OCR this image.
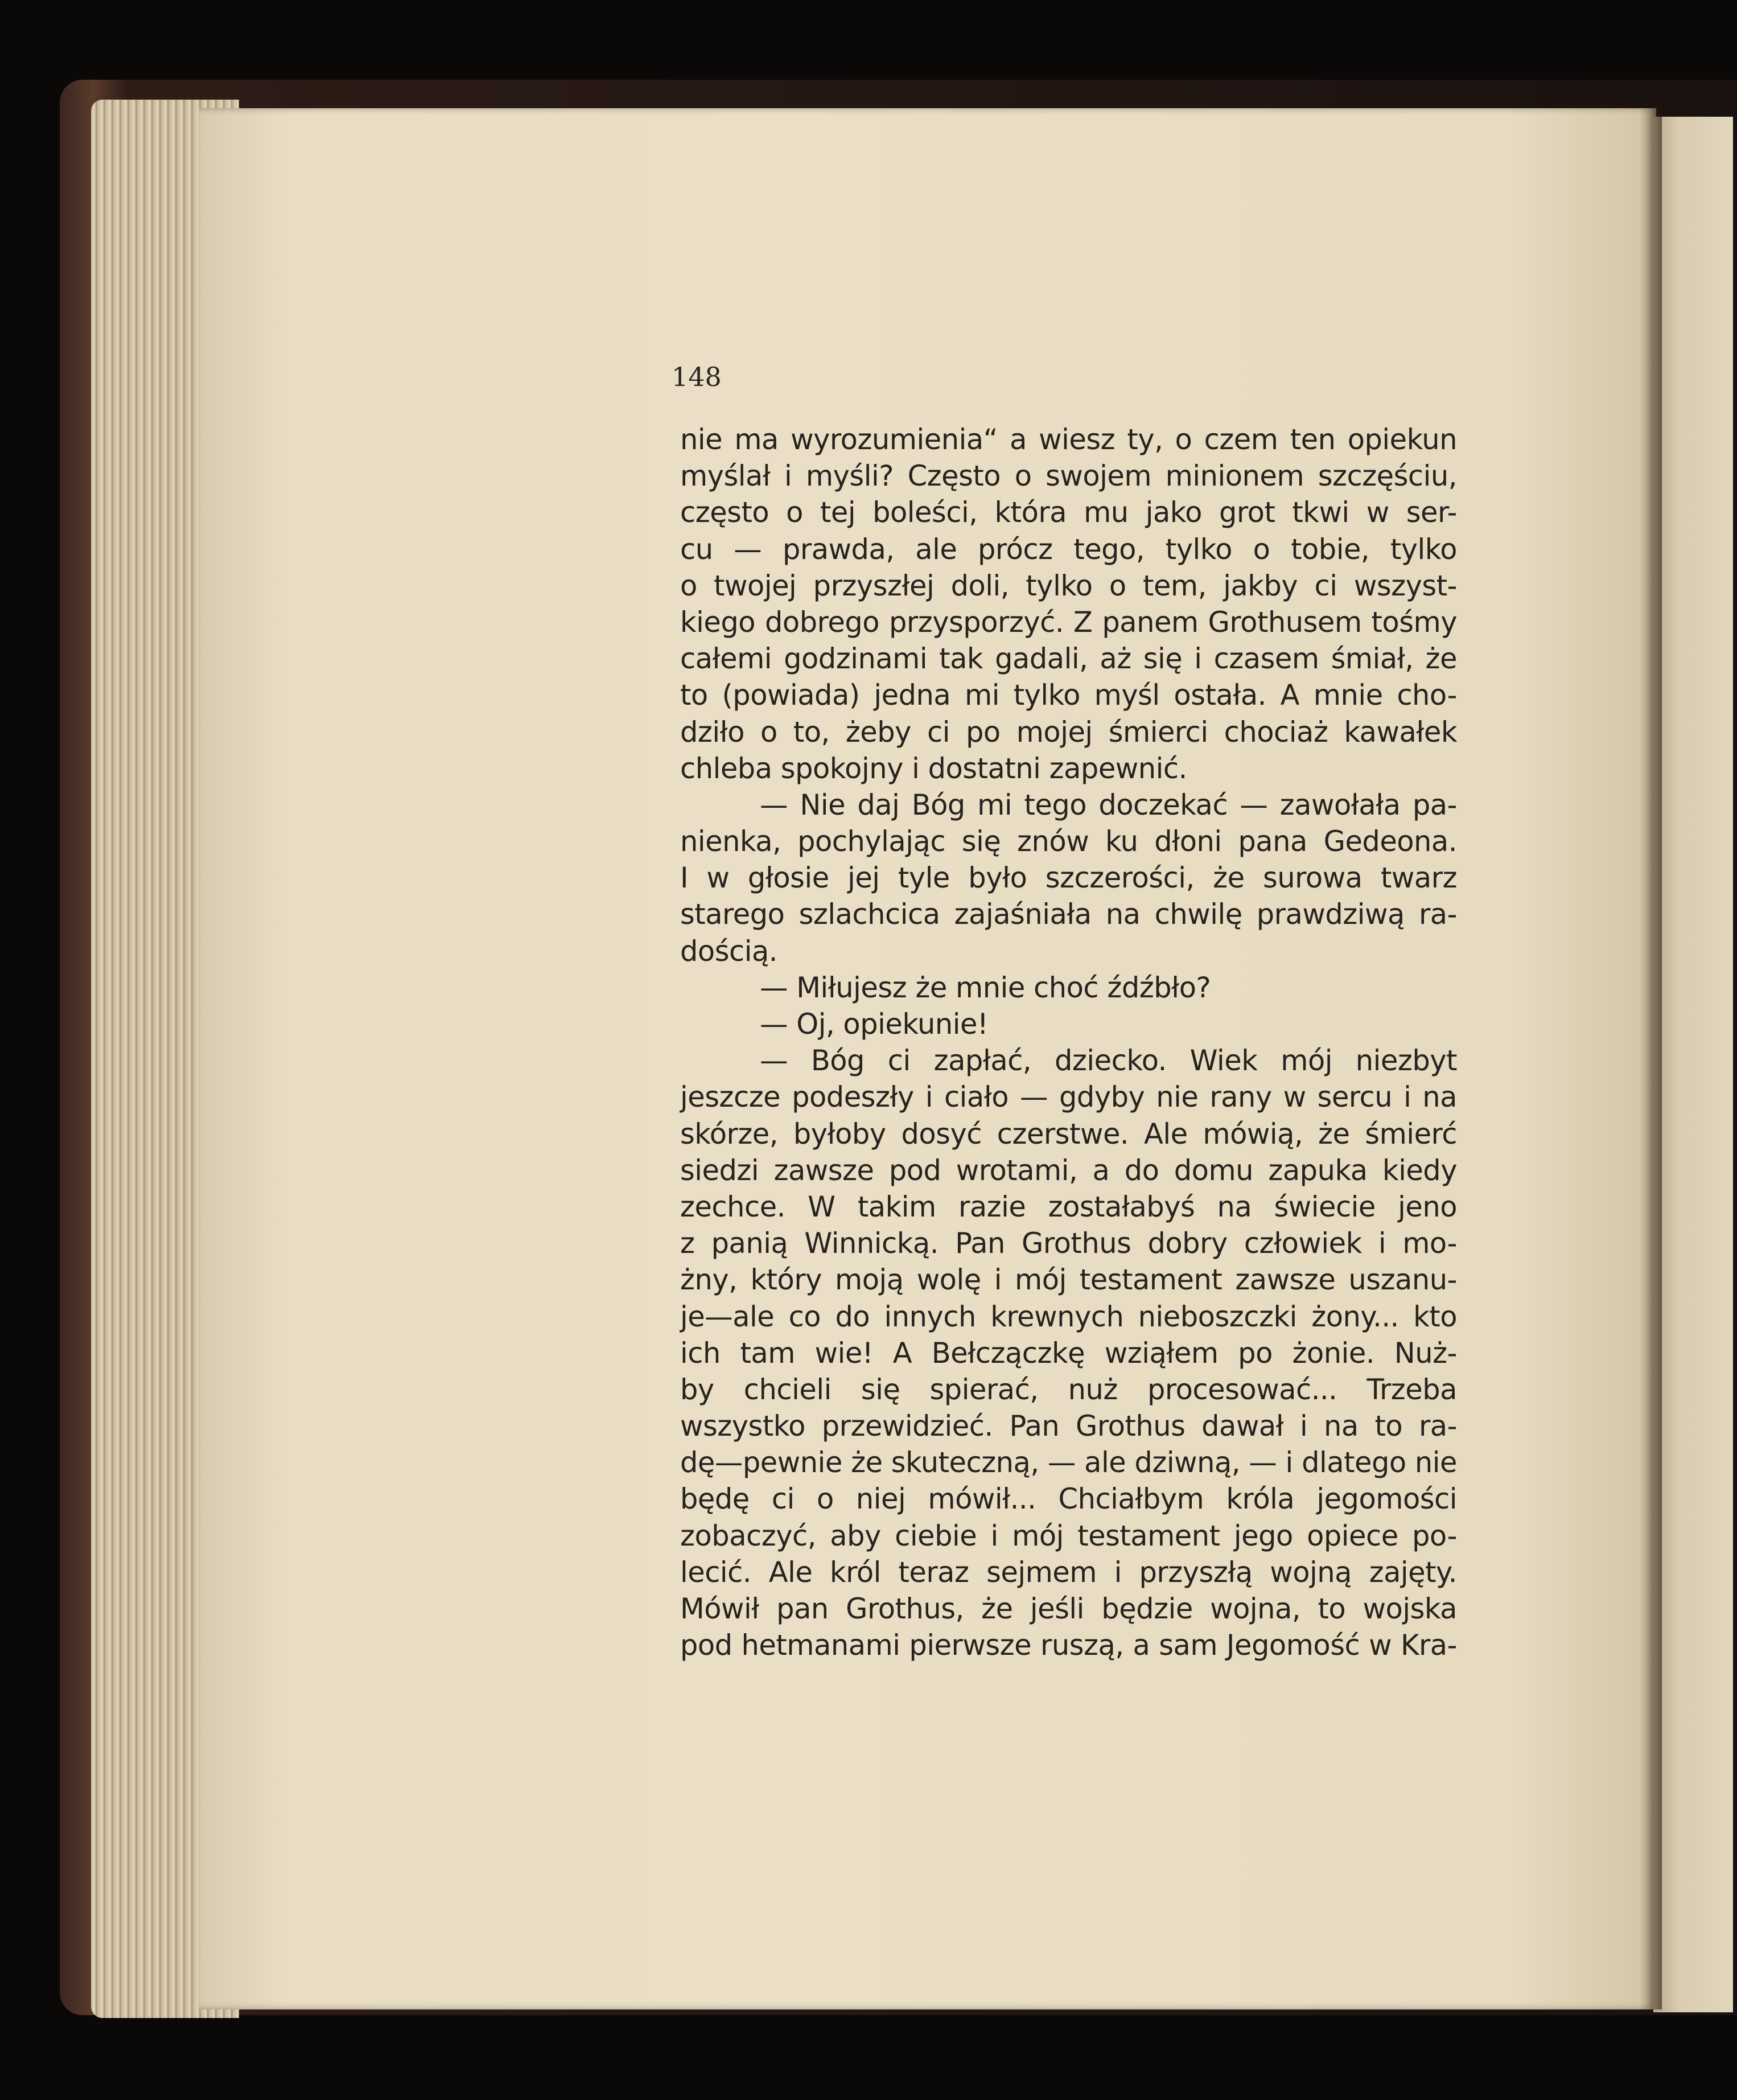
148
nie ma wyrozumienia“ a wiesz ty, o czem ten opiekun
myślał i myśli? Często o swojem minionem szczęściu,
często o tej boleści, która mu jako grot tkwi w ser-
cu — prawda, ale prócz tego, tylko o tobie, tylko
o twojej przyszłej doli, tylko o tem, jakby ci wszyst-
kiego dobrego przysporzyć. Z panem Grothusem tośmy
całemi godzinami tak gadali, aż się i czasem śmiał, że
to (powiada) jedna mi tylko myśl ostała. A mnie cho-
dziło o to, żeby ci po mojej śmierci chociaż kawałek
chleba spokojny i dostatni zapewnić.
— Nie daj Bóg mi tego doczekać — zawołała pa-
nienka, pochylając się znów ku dłoni pana Gedeona.
I w głosie jej tyle było szczerości, że surowa twarz
starego szlachcica zajaśniała na chwilę prawdziwą ra-
dością.
— Miłujesz że mnie choć źdźbło?
— Oj, opiekunie!
— Bóg ci zapłać, dziecko. Wiek mój niezbyt
jeszcze podeszły i ciało — gdyby nie rany w sercu i na
skórze, byłoby dosyć czerstwe. Ale mówią, że śmierć
siedzi zawsze pod wrotami, a do domu zapuka kiedy
zechce. W takim razie zostałabyś na świecie jeno
z panią Winnicką. Pan Grothus dobry człowiek i mo-
żny, który moją wolę i mój testament zawsze uszanu-
je—ale co do innych krewnych nieboszczki żony... kto
ich tam wie! A Bełczączkę wziąłem po żonie. Nuż-
by chcieli się spierać, nuż procesować... Trzeba
wszystko przewidzieć. Pan Grothus dawał i na to ra-
dę—pewnie że skuteczną, — ale dziwną, — i dlatego nie
będę ci o niej mówił... Chciałbym króla jegomości
zobaczyć, aby ciebie i mój testament jego opiece po-
lecić. Ale król teraz sejmem i przyszłą wojną zajęty.
Mówił pan Grothus, że jeśli będzie wojna, to wojska
pod hetmanami pierwsze ruszą, a sam Jegomość w Kra-
